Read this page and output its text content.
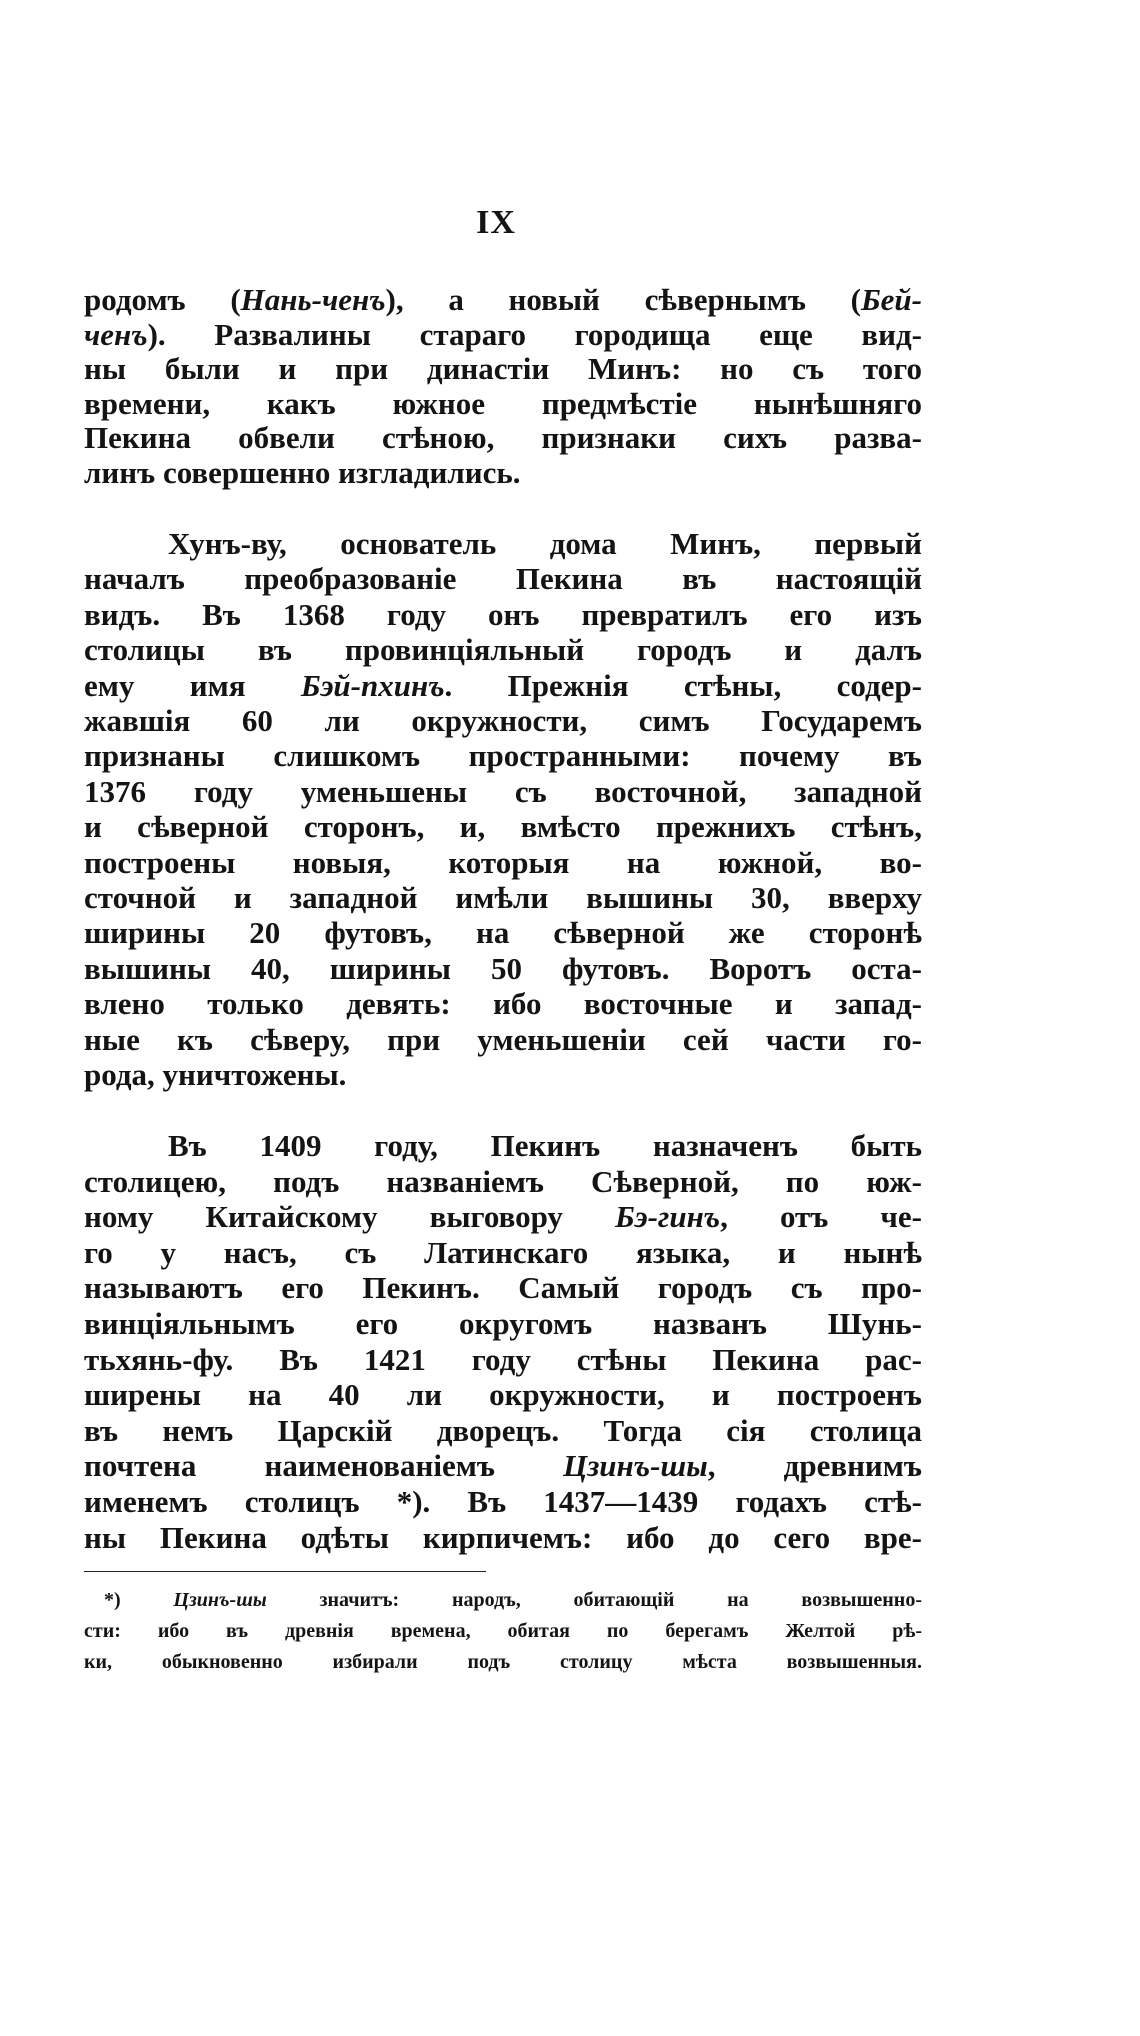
IX
родомъ (Нань-ченъ), а новый сѣвернымъ (Бей-
ченъ). Развалины стараго городища еще вид-
ны были и при династіи Минъ: но съ того
времени, какъ южное предмѣстіе нынѣшняго
Пекина обвели стѣною, признаки сихъ разва-
линъ совершенно изгладились.
Хунъ-ву, основатель дома Минъ, первый
началъ преобразованіе Пекина въ настоящій
видъ. Въ 1368 году онъ превратилъ его изъ
столицы въ провинціяльный городъ и далъ
ему имя Бэй-пхинъ. Прежнія стѣны, содер-
жавшія 60 ли окружности, симъ Государемъ
признаны слишкомъ пространными: почему въ
1376 году уменьшены съ восточной, западной
и сѣверной сторонъ, и, вмѣсто прежнихъ стѣнъ,
построены новыя, которыя на южной, во-
сточной и западной имѣли вышины 30, вверху
ширины 20 футовъ, на сѣверной же сторонѣ
вышины 40, ширины 50 футовъ. Воротъ оста-
влено только девять: ибо восточные и запад-
ные къ сѣверу, при уменьшеніи сей части го-
рода, уничтожены.
Въ 1409 году, Пекинъ назначенъ быть
столицею, подъ названіемъ Сѣверной, по юж-
ному Китайскому выговору Бэ-гинъ, отъ че-
го у насъ, съ Латинскаго языка, и нынѣ
называютъ его Пекинъ. Самый городъ съ про-
винціяльнымъ его округомъ названъ Шунь-
тьхянь-фу. Въ 1421 году стѣны Пекина рас-
ширены на 40 ли окружности, и построенъ
въ немъ Царскій дворецъ. Тогда сія столица
почтена наименованіемъ Цзинъ-шы, древнимъ
именемъ столицъ *). Въ 1437—1439 годахъ стѣ-
ны Пекина одѣты кирпичемъ: ибо до сего вре-
*) Цзинъ-шы значитъ: народъ, обитающій на возвышенно-
сти: ибо въ древнія времена, обитая по берегамъ Желтой рѣ-
ки, обыкновенно избирали подъ столицу мѣста возвышенныя.
